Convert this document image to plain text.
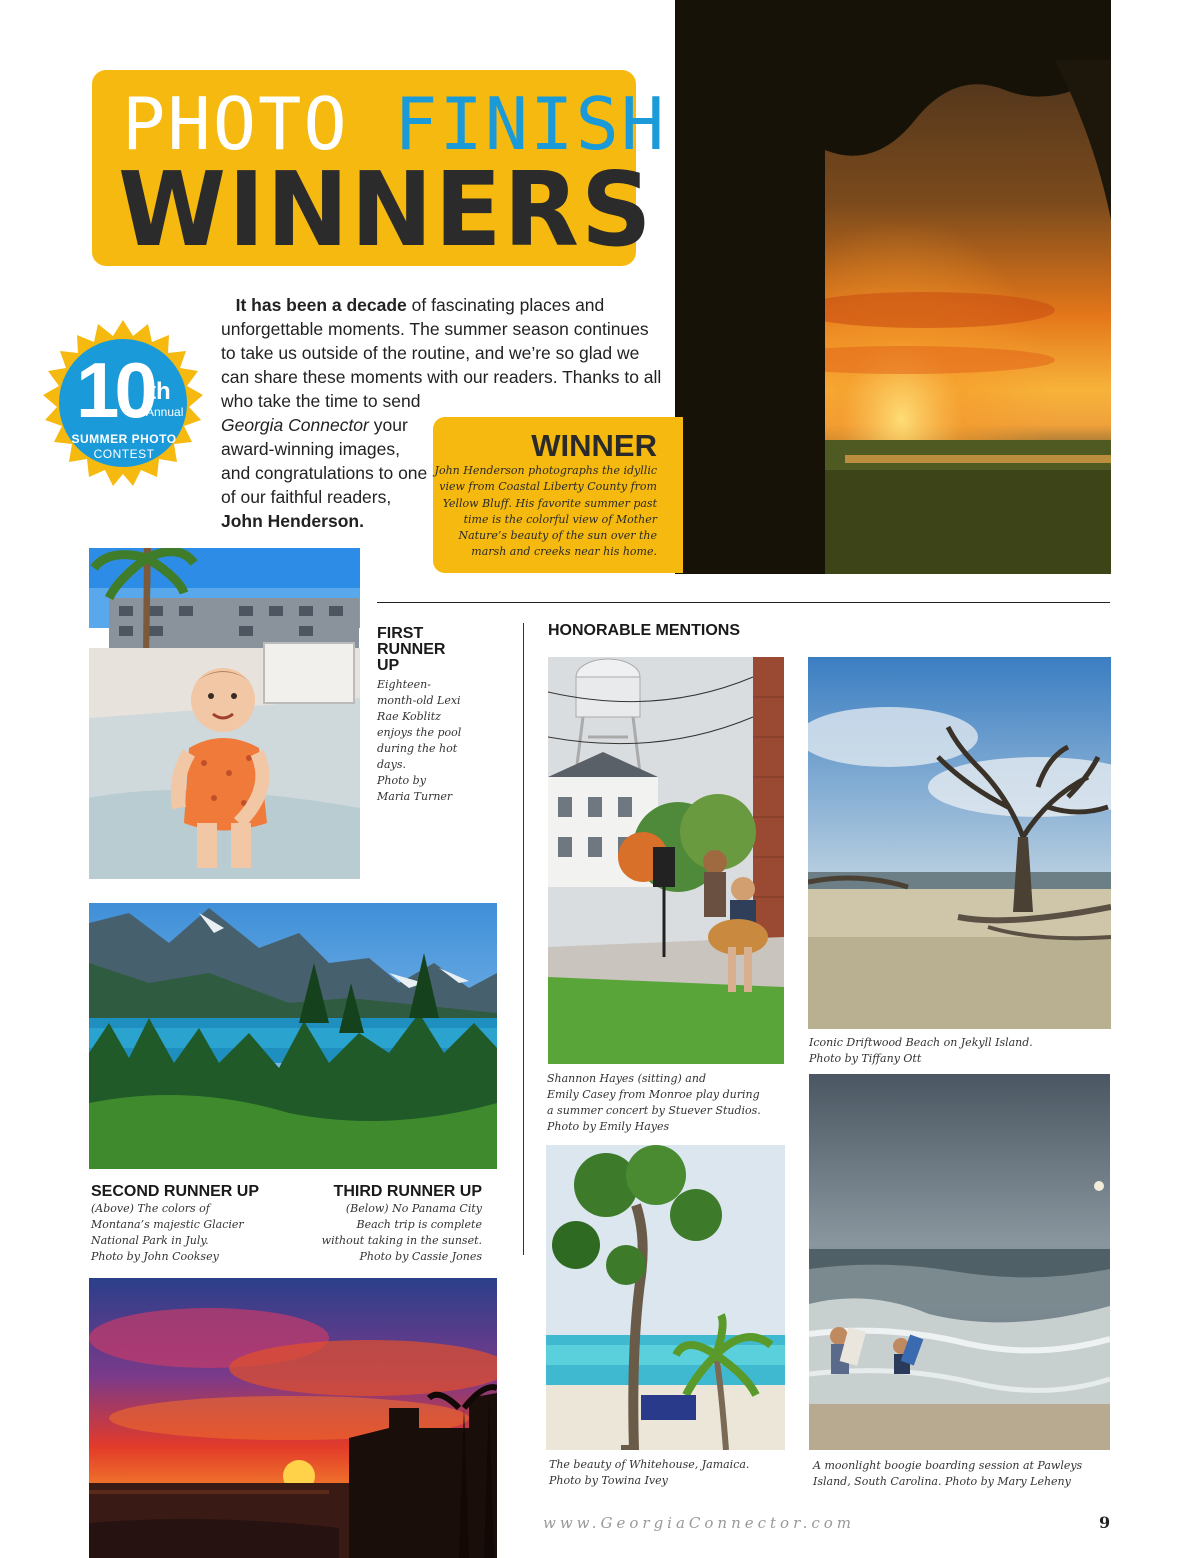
PHOTO FINISH
WINNERS
10
th
Annual
SUMMER PHOTO
CONTEST
It has been a decade of fascinating places and
unforgettable moments. The summer season continues
to take us outside of the routine, and we’re so glad we
can share these moments with our readers. Thanks to all
who take the time to send
Georgia Connector your
award-winning images,
and congratulations to one
of our faithful readers,
John Henderson.
WINNER
John Henderson photographs the idyllic
view from Coastal Liberty County from
Yellow Bluff. His favorite summer past
time is the colorful view of Mother
Nature’s beauty of the sun over the
marsh and creeks near his home.
FIRST
RUNNER
UP
Eighteen-
month-old Lexi
Rae Koblitz
enjoys the pool
during the hot
days.
Photo by
Maria Turner
SECOND RUNNER UP
(Above) The colors of
Montana’s majestic Glacier
National Park in July.
Photo by John Cooksey
THIRD RUNNER UP
(Below) No Panama City
Beach trip is complete
without taking in the sunset.
Photo by Cassie Jones
HONORABLE MENTIONS
Shannon Hayes (sitting) and
Emily Casey from Monroe play during
a summer concert by Stuever Studios.
Photo by Emily Hayes
Iconic Driftwood Beach on Jekyll Island.
Photo by Tiffany Ott
The beauty of Whitehouse, Jamaica.
Photo by Towina Ivey
A moonlight boogie boarding session at Pawleys
Island, South Carolina. Photo by Mary Leheny
www.GeorgiaConnector.com	9
